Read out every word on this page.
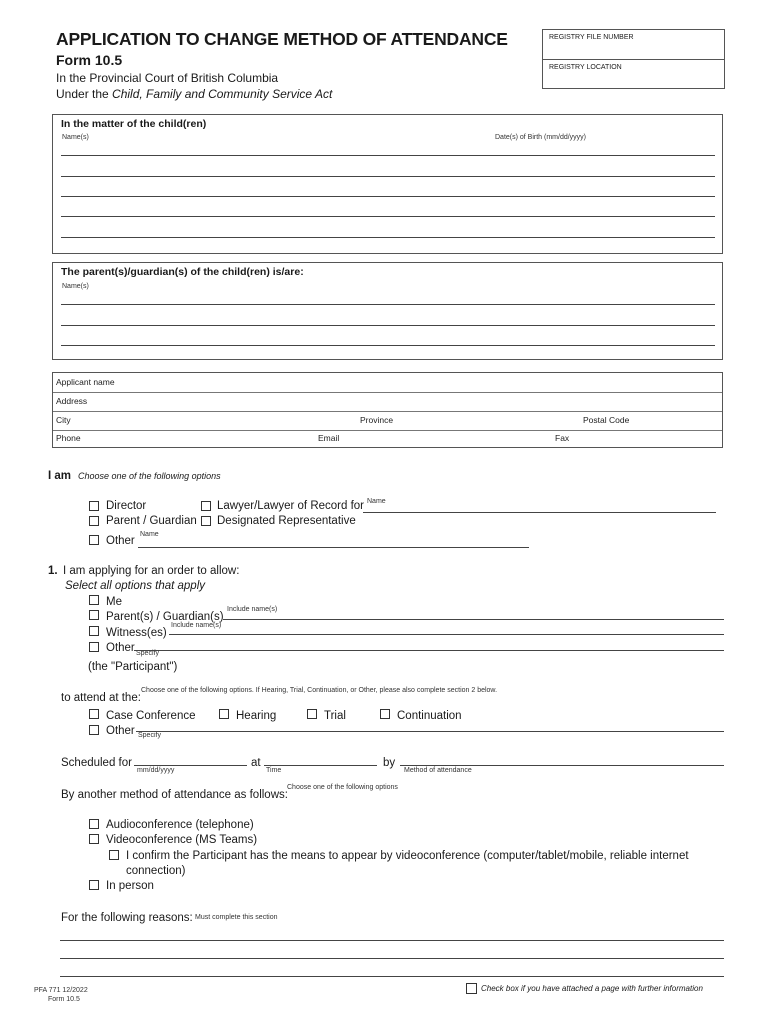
APPLICATION TO CHANGE METHOD OF ATTENDANCE
Form 10.5
In the Provincial Court of British Columbia
Under the Child, Family and Community Service Act
REGISTRY FILE NUMBER
REGISTRY LOCATION
In the matter of the child(ren)
Name(s)	Date(s) of Birth (mm/dd/yyyy)
The parent(s)/guardian(s) of the child(ren) is/are:
Name(s)
Applicant name
Address
City	Province	Postal Code
Phone	Email	Fax
I am Choose one of the following options
Director	Lawyer/Lawyer of Record for Name
Parent / Guardian Designated Representative
Other
Name
1. I am applying for an order to allow:
Select all options that apply
Me
Parent(s) / Guardian(s)
Include name(s)
Witness(es)
Include name(s)
Other Specify
(the "Participant")
Choose one of the following options. If Hearing, Trial, Continuation, or Other, please also complete section 2 below.
to attend at the:
Case Conference	Hearing	Trial	Continuation
Other Specify
Scheduled for
mm/dd/yyyy
at
Time
by
Method of attendance
By another method of attendance as follows:
Choose one of the following options
Audioconference (telephone)
Videoconference (MS Teams)
I confirm the Participant has the means to appear by videoconference (computer/tablet/mobile, reliable internet
connection)
In person
For the following reasons: Must complete this section
PFA 771 12/2022
Form 10.5
Check box if you have attached a page with further information
